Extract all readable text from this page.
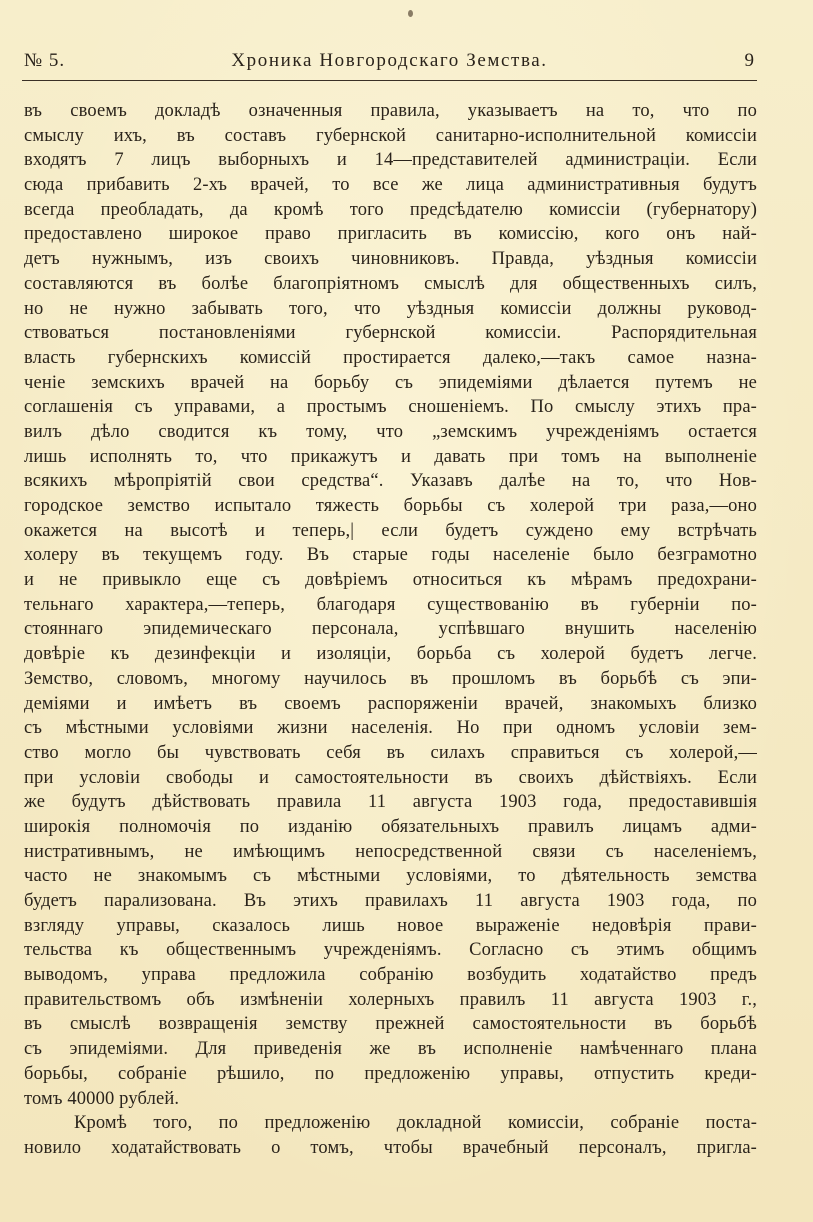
№ 5.	Хроника Новгородскаго Земства.	9
въ своемъ докладѣ означенныя правила, указываетъ на то, что по
смыслу ихъ, въ составъ губернской санитарно-исполнительной комиссіи
входятъ 7 лицъ выборныхъ и 14—представителей администраціи. Если
сюда прибавить 2-хъ врачей, то все же лица административныя будутъ
всегда преобладать, да кромѣ того предсѣдателю комиссіи (губернатору)
предоставлено широкое право пригласить въ комиссію, кого онъ най-
детъ нужнымъ, изъ своихъ чиновниковъ. Правда, уѣздныя комиссіи
составляются въ болѣе благопріятномъ смыслѣ для общественныхъ силъ,
но не нужно забывать того, что уѣздныя комиссіи должны руковод-
ствоваться постановленіями губернской комиссіи. Распорядительная
власть губернскихъ комиссій простирается далеко,—такъ самое назна-
ченіе земскихъ врачей на борьбу съ эпидеміями дѣлается путемъ не
соглашенія съ управами, а простымъ сношеніемъ. По смыслу этихъ пра-
вилъ дѣло сводится къ тому, что „земскимъ учрежденіямъ остается
лишь исполнять то, что прикажутъ и давать при томъ на выполненіе
всякихъ мѣропріятій свои средства“. Указавъ далѣе на то, что Нов-
городское земство испытало тяжесть борьбы съ холерой три раза,—оно
окажется на высотѣ и теперь,| если будетъ суждено ему встрѣчать
холеру въ текущемъ году. Въ старые годы населеніе было безграмотно
и не привыкло еще съ довѣріемъ относиться къ мѣрамъ предохрани-
тельнаго характера,—теперь, благодаря существованію въ губерніи по-
стояннаго эпидемическаго персонала, успѣвшаго внушить населенію
довѣріе къ дезинфекціи и изоляціи, борьба съ холерой будетъ легче.
Земство, словомъ, многому научилось въ прошломъ въ борьбѣ съ эпи-
деміями и имѣетъ въ своемъ распоряженіи врачей, знакомыхъ близко
съ мѣстными условіями жизни населенія. Но при одномъ условіи зем-
ство могло бы чувствовать себя въ силахъ справиться съ холерой,—
при условіи свободы и самостоятельности въ своихъ дѣйствіяхъ. Если
же будутъ дѣйствовать правила 11 августа 1903 года, предоставившія
широкія полномочія по изданію обязательныхъ правилъ лицамъ адми-
нистративнымъ, не имѣющимъ непосредственной связи съ населеніемъ,
часто не знакомымъ съ мѣстными условіями, то дѣятельность земства
будетъ парализована. Въ этихъ правилахъ 11 августа 1903 года, по
взгляду управы, сказалось лишь новое выраженіе недовѣрія прави-
тельства къ общественнымъ учрежденіямъ. Согласно съ этимъ общимъ
выводомъ, управа предложила собранію возбудить ходатайство предъ
правительствомъ объ измѣненіи холерныхъ правилъ 11 августа 1903 г.,
въ смыслѣ возвращенія земству прежней самостоятельности въ борьбѣ
съ эпидеміями. Для приведенія же въ исполненіе намѣченнаго плана
борьбы, собраніе рѣшило, по предложенію управы, отпустить креди-
томъ 40000 рублей.
Кромѣ того, по предложенію докладной комиссіи, собраніе поста-
новило ходатайствовать о томъ, чтобы врачебный персоналъ, пригла-
